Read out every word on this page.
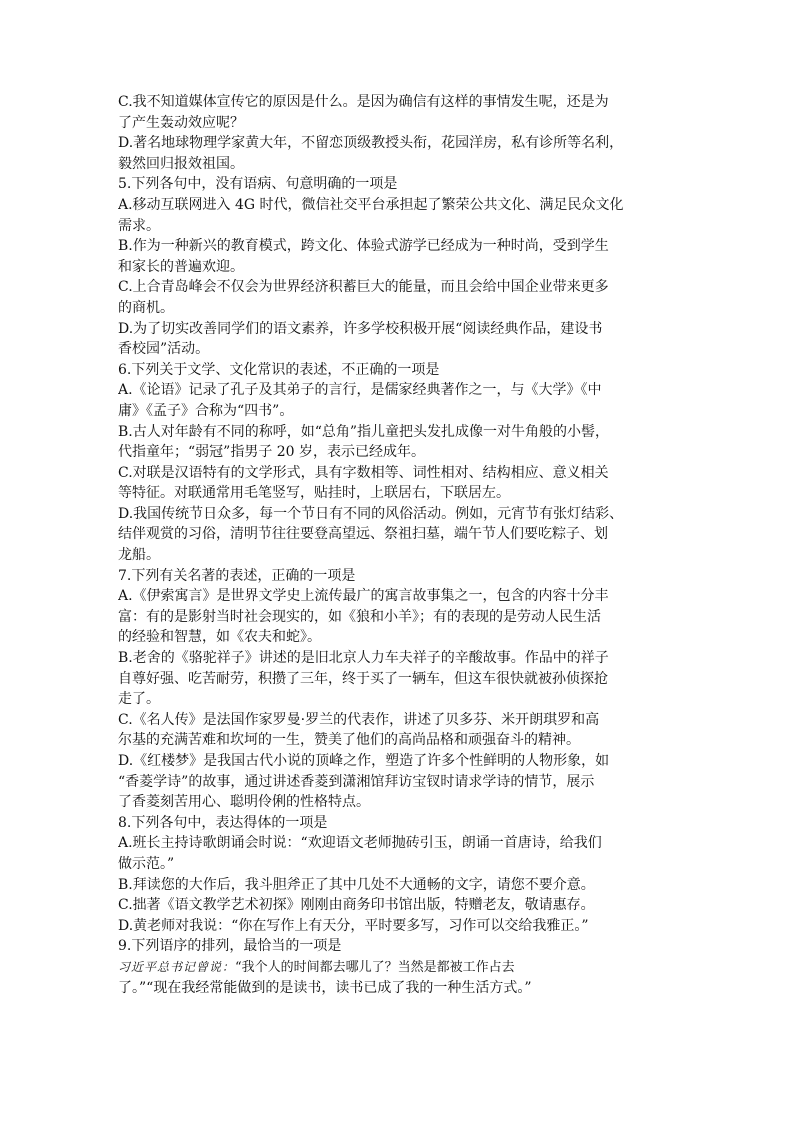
C.我不知道媒体宣传它的原因是什么。是因为确信有这样的事情发生呢，还是为
了产生轰动效应呢？
D.著名地球物理学家黄大年，不留恋顶级教授头衔，花园洋房，私有诊所等名利，
毅然回归报效祖国。
5.下列各句中，没有语病、句意明确的一项是
A.移动互联网进入 4G 时代，微信社交平台承担起了繁荣公共文化、满足民众文化
需求。
B.作为一种新兴的教育模式，跨文化、体验式游学已经成为一种时尚，受到学生
和家长的普遍欢迎。
C.上合青岛峰会不仅会为世界经济积蓄巨大的能量，而且会给中国企业带来更多
的商机。
D.为了切实改善同学们的语文素养，许多学校积极开展“阅读经典作品，建设书
香校园”活动。
6.下列关于文学、文化常识的表述，不正确的一项是
A.《论语》记录了孔子及其弟子的言行，是儒家经典著作之一，与《大学》《中
庸》《孟子》合称为“四书”。
B.古人对年龄有不同的称呼，如“总角”指儿童把头发扎成像一对牛角般的小髻，
代指童年；“弱冠”指男子 20 岁，表示已经成年。
C.对联是汉语特有的文学形式，具有字数相等、词性相对、结构相应、意义相关
等特征。对联通常用毛笔竖写，贴挂时，上联居右，下联居左。
D.我国传统节日众多，每一个节日有不同的风俗活动。例如，元宵节有张灯结彩、
结伴观赏的习俗，清明节往往要登高望远、祭祖扫墓，端午节人们要吃粽子、划
龙船。
7.下列有关名著的表述，正确的一项是
A.《伊索寓言》是世界文学史上流传最广的寓言故事集之一，包含的内容十分丰
富：有的是影射当时社会现实的，如《狼和小羊》；有的表现的是劳动人民生活
的经验和智慧，如《农夫和蛇》。
B.老舍的《骆驼祥子》讲述的是旧北京人力车夫祥子的辛酸故事。作品中的祥子
自尊好强、吃苦耐劳，积攒了三年，终于买了一辆车，但这车很快就被孙侦探抢
走了。
C.《名人传》是法国作家罗曼·罗兰的代表作，讲述了贝多芬、米开朗琪罗和高
尔基的充满苦难和坎坷的一生，赞美了他们的高尚品格和顽强奋斗的精神。
D.《红楼梦》是我国古代小说的顶峰之作，塑造了许多个性鲜明的人物形象，如
“香菱学诗”的故事，通过讲述香菱到潇湘馆拜访宝钗时请求学诗的情节，展示
了香菱刻苦用心、聪明伶俐的性格特点。
8.下列各句中，表达得体的一项是
A.班长主持诗歌朗诵会时说：“欢迎语文老师抛砖引玉，朗诵一首唐诗，给我们
做示范。”
B.拜读您的大作后，我斗胆斧正了其中几处不大通畅的文字，请您不要介意。
C.拙著《语文教学艺术初探》刚刚由商务印书馆出版，特赠老友，敬请惠存。
D.黄老师对我说：“你在写作上有天分，平时要多写，习作可以交给我雅正。”
9.下列语序的排列，最恰当的一项是
习近平总书记曾说：“我个人的时间都去哪儿了？当然是都被工作占去
了。”“现在我经常能做到的是读书，读书已成了我的一种生活方式。”
